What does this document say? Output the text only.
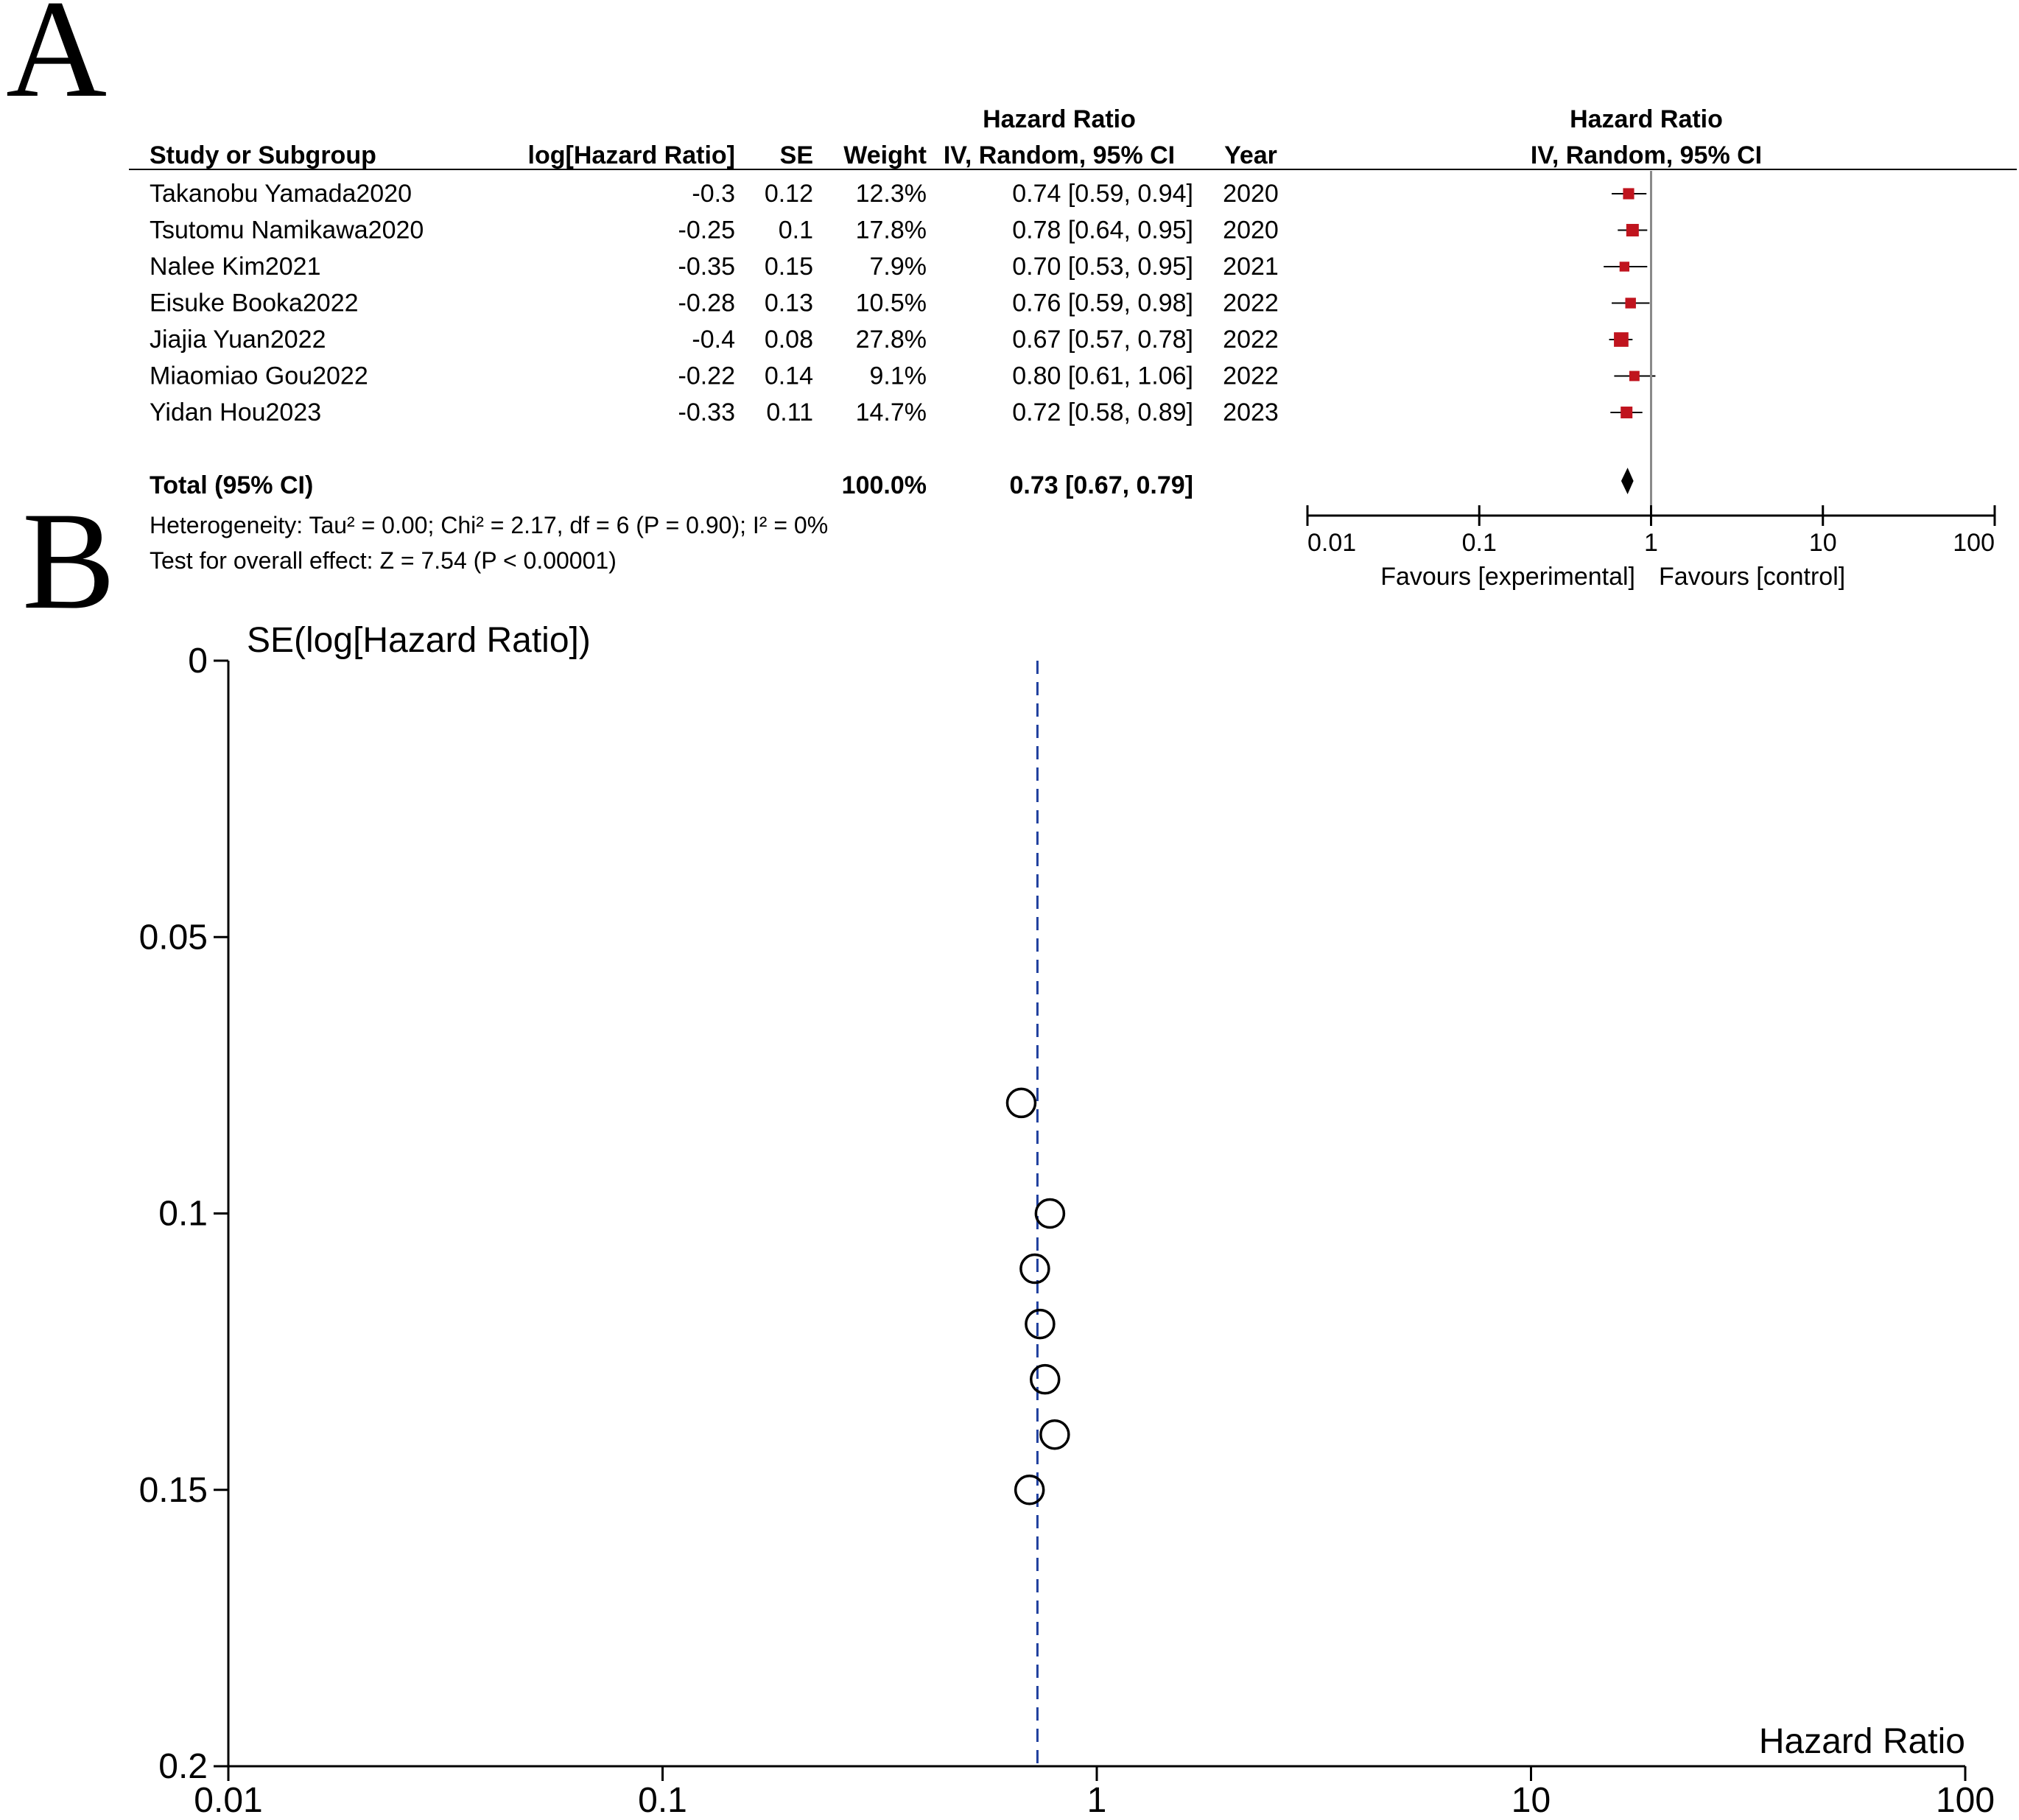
A
B
Hazard Ratio
Study or Subgroup	log[Hazard Ratio] SE Weight IV, Random, 95% CI Year
Hazard Ratio
IV, Random, 95% CI
Takanobu Yamada2020	-0.3 0.12 12.3%	0.74 [0.59, 0.94] 2020
Tsutomu Namikawa2020	-0.25 0.1 17.8%	0.78 [0.64, 0.95] 2020
Nalee Kim2021	-0.35 0.15 7.9%	0.70 [0.53, 0.95] 2021
Eisuke Booka2022	-0.28 0.13 10.5%	0.76 [0.59, 0.98] 2022
Jiajia Yuan2022	-0.4 0.08 27.8%	0.67 [0.57, 0.78] 2022
Miaomiao Gou2022	-0.22 0.14 9.1%	0.80 [0.61, 1.06] 2022
Yidan Hou2023	-0.33 0.11 14.7%	0.72 [0.58, 0.89] 2023
Total (95% CI)	100.0%	0.73 [0.67, 0.79]
Heterogeneity: Tau² = 0.00; Chi² = 2.17, df = 6 (P = 0.90); I² = 0%
Test for overall effect: Z = 7.54 (P < 0.00001)
0.01	0.1	1	10	100
Favours [experimental] Favours [control]
SE(log[Hazard Ratio])
Hazard Ratio
0
0.05
0.1
0.15
0.2
0.01	0.1	1	10	100
